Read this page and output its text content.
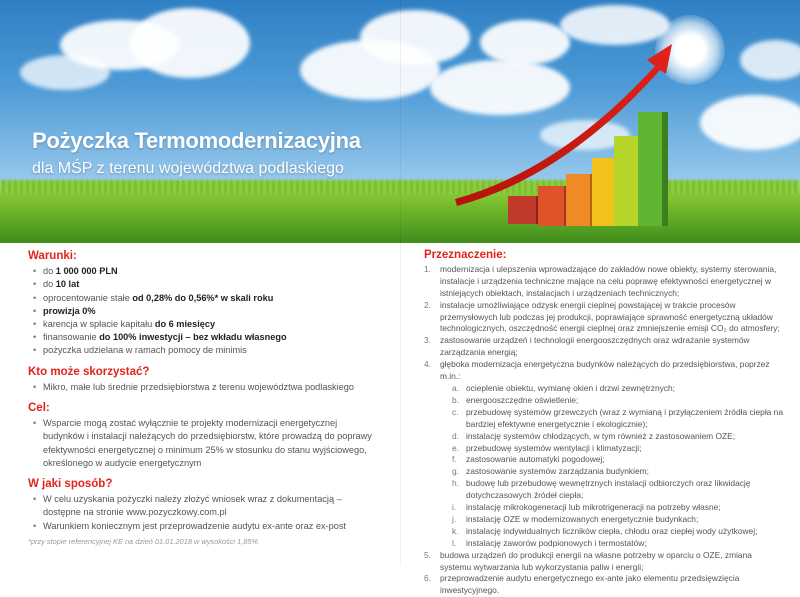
Pożyczka Termomodernizacyjna

dla MŚP z terenu województwa podlaskiego

Warunki:
• do 1 000 000 PLN
• do 10 lat
• oprocentowanie stałe od 0,28% do 0,56%* w skali roku
• prowizja 0%
• karencja w spłacie kapitału do 6 miesięcy
• finansowanie do 100% inwestycji – bez wkładu własnego
• pożyczka udzielana w ramach pomocy de minimis
Kto może skorzystać?
• Mikro, małe lub średnie przedsiębiorstwa z terenu województwa podlaskiego
Cel:
• Wsparcie mogą zostać wyłącznie te projekty modernizacji energetycznej budynków i instalacji należących do przedsiębiorstw, które prowadzą do poprawy efektywności energetycznej o minimum 25% w stosunku do stanu wyjściowego, określonego w audycie energetycznym
W jaki sposób?
• W celu uzyskania pożyczki należy złożyć wniosek wraz z dokumentacją – dostępne na stronie www.pozyczkowy.com.pl
• Warunkiem koniecznym jest przeprowadzenie audytu ex-ante oraz ex-post
*przy stopie referencyjnej KE na dzień 01.01.2018 w wysokości 1,85%
Przeznaczenie:
1. modernizacja i ulepszenia wprowadzające do zakładów nowe obiekty, systemy sterowania, instalacje i urządzenia techniczne mające na celu poprawę efektywności energetycznej w istniejących obiektach, instalacjach i urządzeniach technicznych;
2. instalacje umożliwiające odzysk energii cieplnej powstającej w trakcie procesów przemysłowych lub podczas jej produkcji, poprawiające sprawność energetyczną układów technologicznych, oszczędność energii cieplnej oraz zmniejszenie emisji CO₂ do atmosfery;
3. zastosowanie urządzeń i technologii energooszczędnych oraz wdrażanie systemów zarządzania energią;
4. głęboka modernizacja energetyczna budynków należących do przedsiębiorstwa, poprzez m.in.:
a. ocieplenie obiektu, wymianę okien i drzwi zewnętrznych;
b. energooszczędne oświetlenie;
c. przebudowę systemów grzewczych (wraz z wymianą i przyłączeniem źródła ciepła na bardziej efektywne energetycznie i ekologicznie);
d. instalację systemów chłodzących, w tym również z zastosowaniem OZE;
e. przebudowę systemów wentylacji i klimatyzacji;
f. zastosowanie automatyki pogodowej;
g. zastosowanie systemów zarządzania budynkiem;
h. budowę lub przebudowę wewnętrznych instalacji odbiorczych oraz likwidację dotychczasowych źródeł ciepła;
i. instalację mikrokogeneracji lub mikrotrigeneracji na potrzeby własne;
j. instalację OZE w modernizowanych energetycznie budynkach;
k. instalację indywidualnych liczników ciepła, chłodu oraz ciepłej wody użytkowej;
l. instalację zaworów podpionowych i termostatów;
5. budowa urządzeń do produkcji energii na własne potrzeby w oparciu o OZE, zmiana systemu wytwarzania lub wykorzystania paliw i energii;
6. przeprowadzenie audytu energetycznego ex-ante jako elementu przedsięwzięcia inwestycyjnego.
